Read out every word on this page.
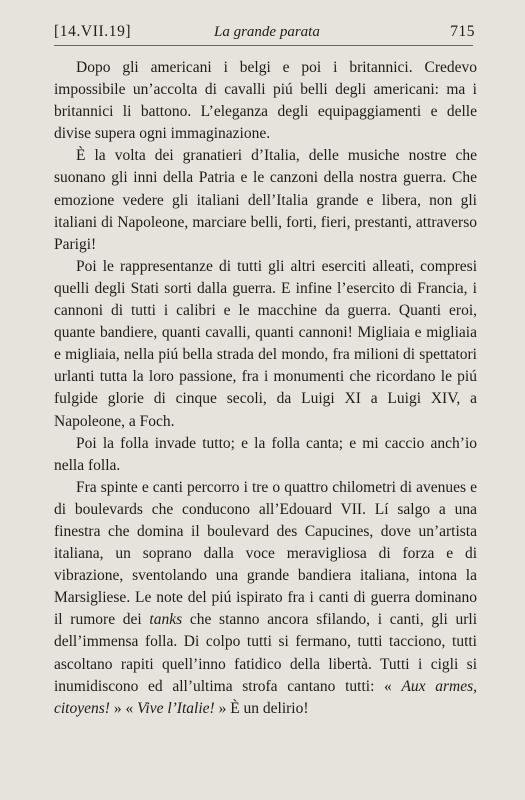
[14.VII.19]	La grande parata	715

Dopo gli americani i belgi e poi i britannici. Credevo impossibile un’accolta di cavalli piú belli degli americani: ma i britannici li battono. L’eleganza degli equipaggiamenti e delle divise supera ogni immaginazione.

È la volta dei granatieri d’Italia, delle musiche nostre che suonano gli inni della Patria e le canzoni della nostra guerra. Che emozione vedere gli italiani dell’Italia grande e libera, non gli italiani di Napoleone, marciare belli, forti, fieri, prestanti, attraverso Parigi!

Poi le rappresentanze di tutti gli altri eserciti alleati, compresi quelli degli Stati sorti dalla guerra. E infine l’esercito di Francia, i cannoni di tutti i calibri e le macchine da guerra. Quanti eroi, quante bandiere, quanti cavalli, quanti cannoni! Migliaia e migliaia e migliaia, nella piú bella strada del mondo, fra milioni di spettatori urlanti tutta la loro passione, fra i monumenti che ricordano le piú fulgide glorie di cinque secoli, da Luigi XI a Luigi XIV, a Napoleone, a Foch.

Poi la folla invade tutto; e la folla canta; e mi caccio anch’io nella folla.

Fra spinte e canti percorro i tre o quattro chilometri di avenues e di boulevards che conducono all’Edouard VII. Lí salgo a una finestra che domina il boulevard des Capucines, dove un’artista italiana, un soprano dalla voce meravigliosa di forza e di vibrazione, sventolando una grande bandiera italiana, intona la Marsigliese. Le note del piú ispirato fra i canti di guerra dominano il rumore dei tanks che stanno ancora sfilando, i canti, gli urli dell’immensa folla. Di colpo tutti si fermano, tutti tacciono, tutti ascoltano rapiti quell’inno fatidico della libertà. Tutti i cigli si inumidiscono ed all’ultima strofa cantano tutti: « Aux armes, citoyens! » « Vive l’Italie! » È un delirio!
